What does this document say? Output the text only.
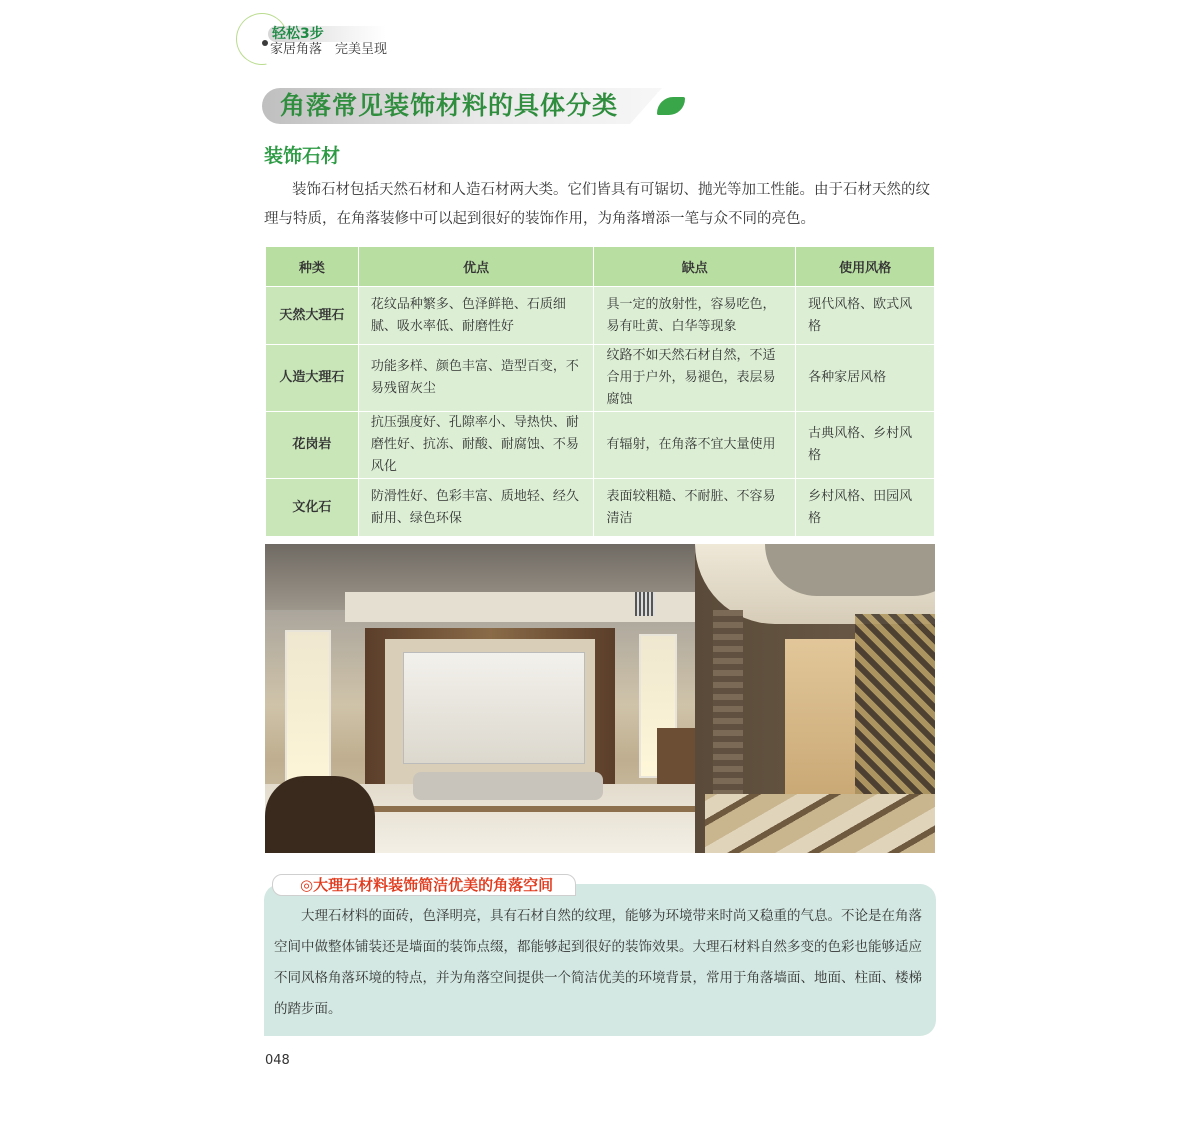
轻松3步
家居角落　完美呈现
角落常见装饰材料的具体分类
装饰石材

装饰石材包括天然石材和人造石材两大类。它们皆具有可锯切、抛光等加工性能。由于石材天然的纹理与特质，在角落装修中可以起到很好的装饰作用，为角落增添一笔与众不同的亮色。

种类	优点	缺点	使用风格
天然大理石	花纹品种繁多、色泽鲜艳、石质细腻、吸水率低、耐磨性好	具一定的放射性，容易吃色，易有吐黄、白华等现象	现代风格、欧式风格
人造大理石	功能多样、颜色丰富、造型百变，不易残留灰尘	纹路不如天然石材自然，不适合用于户外，易褪色，表层易腐蚀	各种家居风格
花岗岩	抗压强度好、孔隙率小、导热快、耐磨性好、抗冻、耐酸、耐腐蚀、不易风化	有辐射，在角落不宜大量使用	古典风格、乡村风格
文化石	防滑性好、色彩丰富、质地轻、经久耐用、绿色环保	表面较粗糙、不耐脏、不容易清洁	乡村风格、田园风格
◎大理石材料装饰简洁优美的角落空间

大理石材料的面砖，色泽明亮，具有石材自然的纹理，能够为环境带来时尚又稳重的气息。不论是在角落空间中做整体铺装还是墙面的装饰点缀，都能够起到很好的装饰效果。大理石材料自然多变的色彩也能够适应不同风格角落环境的特点，并为角落空间提供一个简洁优美的环境背景，常用于角落墙面、地面、柱面、楼梯的踏步面。

048
